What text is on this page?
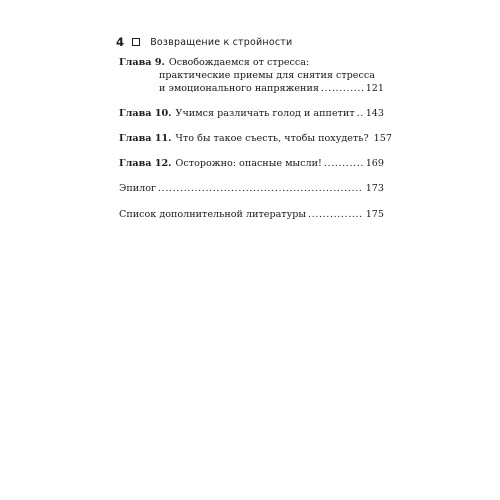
4	Возвращение к стройности
Глава 9. Освобождаемся от стресса:
практические приемы для снятия стресса
и эмоционального напряжения .....	121
Глава 10. Учимся различать голод и аппетит ..... 143
Глава 11. Что бы такое съесть, чтобы похудеть? 157
Глава 12. Осторожно: опасные мысли! .....	169
Эпилог .....	173
Список дополнительной литературы .....	175
